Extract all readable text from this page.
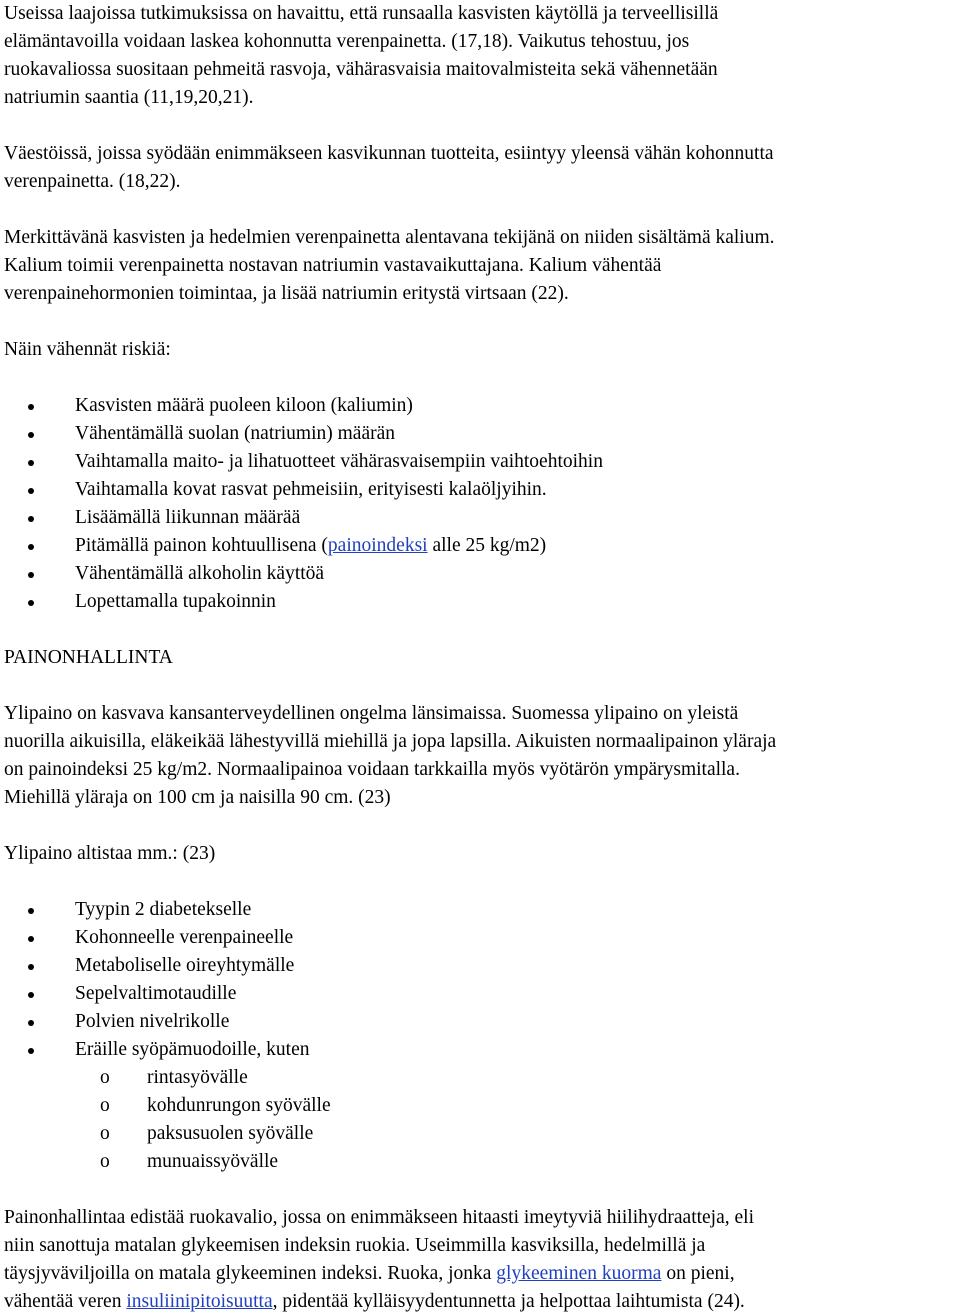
Useissa laajoissa tutkimuksissa on havaittu, että runsaalla kasvisten käytöllä ja terveellisillä
elämäntavoilla voidaan laskea kohonnutta verenpainetta. (17,18). Vaikutus tehostuu, jos
ruokavaliossa suositaan pehmeitä rasvoja, vähärasvaisia maitovalmisteita sekä vähennetään
natriumin saantia (11,19,20,21).

Väestöissä, joissa syödään enimmäkseen kasvikunnan tuotteita, esiintyy yleensä vähän kohonnutta
verenpainetta. (18,22).

Merkittävänä kasvisten ja hedelmien verenpainetta alentavana tekijänä on niiden sisältämä kalium.
Kalium toimii verenpainetta nostavan natriumin vastavaikuttajana. Kalium vähentää
verenpainehormonien toimintaa, ja lisää natriumin eritystä virtsaan (22).

Näin vähennät riskiä:

Kasvisten määrä puoleen kiloon (kaliumin)
Vähentämällä suolan (natriumin) määrän
Vaihtamalla maito- ja lihatuotteet vähärasvaisempiin vaihtoehtoihin
Vaihtamalla kovat rasvat pehmeisiin, erityisesti kalaöljyihin.
Lisäämällä liikunnan määrää
Pitämällä painon kohtuullisena (painoindeksi alle 25 kg/m2)
Vähentämällä alkoholin käyttöä
Lopettamalla tupakoinnin

PAINONHALLINTA

Ylipaino on kasvava kansanterveydellinen ongelma länsimaissa. Suomessa ylipaino on yleistä
nuorilla aikuisilla, eläkeikää lähestyvillä miehillä ja jopa lapsilla. Aikuisten normaalipainon yläraja
on painoindeksi 25 kg/m2. Normaalipainoa voidaan tarkkailla myös vyötärön ympärysmitalla.
Miehillä yläraja on 100 cm ja naisilla 90 cm. (23)

Ylipaino altistaa mm.: (23)

Tyypin 2 diabetekselle
Kohonneelle verenpaineelle
Metaboliselle oireyhtymälle
Sepelvaltimotaudille
Polvien nivelrikolle
Eräille syöpämuodoille, kuten
o rintasyövälle
o kohdunrungon syövälle
o paksusuolen syövälle
o munuaissyövälle

Painonhallintaa edistää ruokavalio, jossa on enimmäkseen hitaasti imeytyviä hiilihydraatteja, eli
niin sanottuja matalan glykeemisen indeksin ruokia. Useimmilla kasviksilla, hedelmillä ja
täysjyväviljoilla on matala glykeeminen indeksi. Ruoka, jonka glykeeminen kuorma on pieni,
vähentää veren insuliinipitoisuutta, pidentää kylläisyydentunnetta ja helpottaa laihtumista (24).
